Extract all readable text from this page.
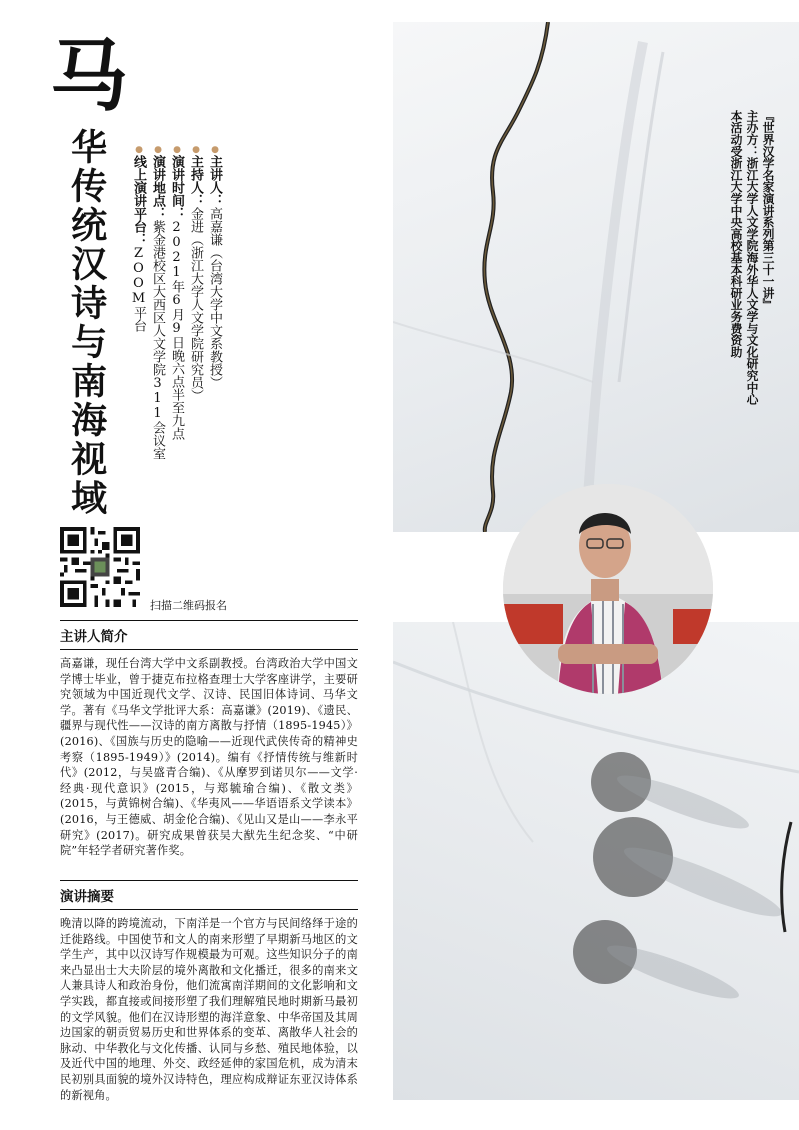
马
华传统汉诗与南海视域	●
主讲人：
高嘉谦（台湾大学中文系教授）
●
主持人：
金进（浙江大学人文学院研究员）
●
演讲时间：
2021年6月9日晚六点半至九点
●
演讲地点：
紫金港校区大西区人文学院311会议室
●
线上演讲平台：
ZOOM平台
扫描二维码报名
主讲人简介
高嘉谦，现任台湾大学中文系副教授。台湾政治大学中国文学博士毕业，曾于捷克布拉格查理士大学客座讲学，主要研究领域为中国近现代文学、汉诗、民国旧体诗词、马华文学。著有《马华文学批评大系：高嘉谦》(2019)、《遗民、疆界与现代性——汉诗的南方离散与抒情（1895-1945）》(2016)、《国族与历史的隐喻——近现代武侠传奇的精神史考察（1895-1949）》(2014)。编有《抒情传统与维新时代》(2012，与吴盛青合编)、《从摩罗到诺贝尔——文学·经典·现代意识》(2015，与郑毓瑜合编)、《散文类》(2015，与黄锦树合编)、《华夷风——华语语系文学读本》(2016，与王德威、胡金伦合编)、《见山又是山——李永平研究》(2017)。研究成果曾获吴大猷先生纪念奖、“中研院”年轻学者研究著作奖。
演讲摘要
晚清以降的跨境流动，下南洋是一个官方与民间络绎于途的迁徙路线。中国使节和文人的南来形塑了早期新马地区的文学生产，其中以汉诗写作规模最为可观。这些知识分子的南来凸显出士大夫阶层的境外离散和文化播迁，很多的南来文人兼具诗人和政治身份，他们流寓南洋期间的文化影响和文学实践，都直接或间接形塑了我们理解殖民地时期新马最初的文学风貌。他们在汉诗形塑的海洋意象、中华帝国及其周边国家的朝贡贸易历史和世界体系的变革、离散华人社会的脉动、中华教化与文化传播、认同与乡愁、殖民地体验，以及近代中国的地理、外交、政经延伸的家国危机，成为清末民初别具面貌的境外汉诗特色，理应构成辩证东亚汉诗体系的新视角。
『世界汉学名家演讲系列第三十一讲』
主办方：浙江大学人文学院海外华人文学与文化研究中心
本活动受浙江大学中央高校基本科研业务费资助
